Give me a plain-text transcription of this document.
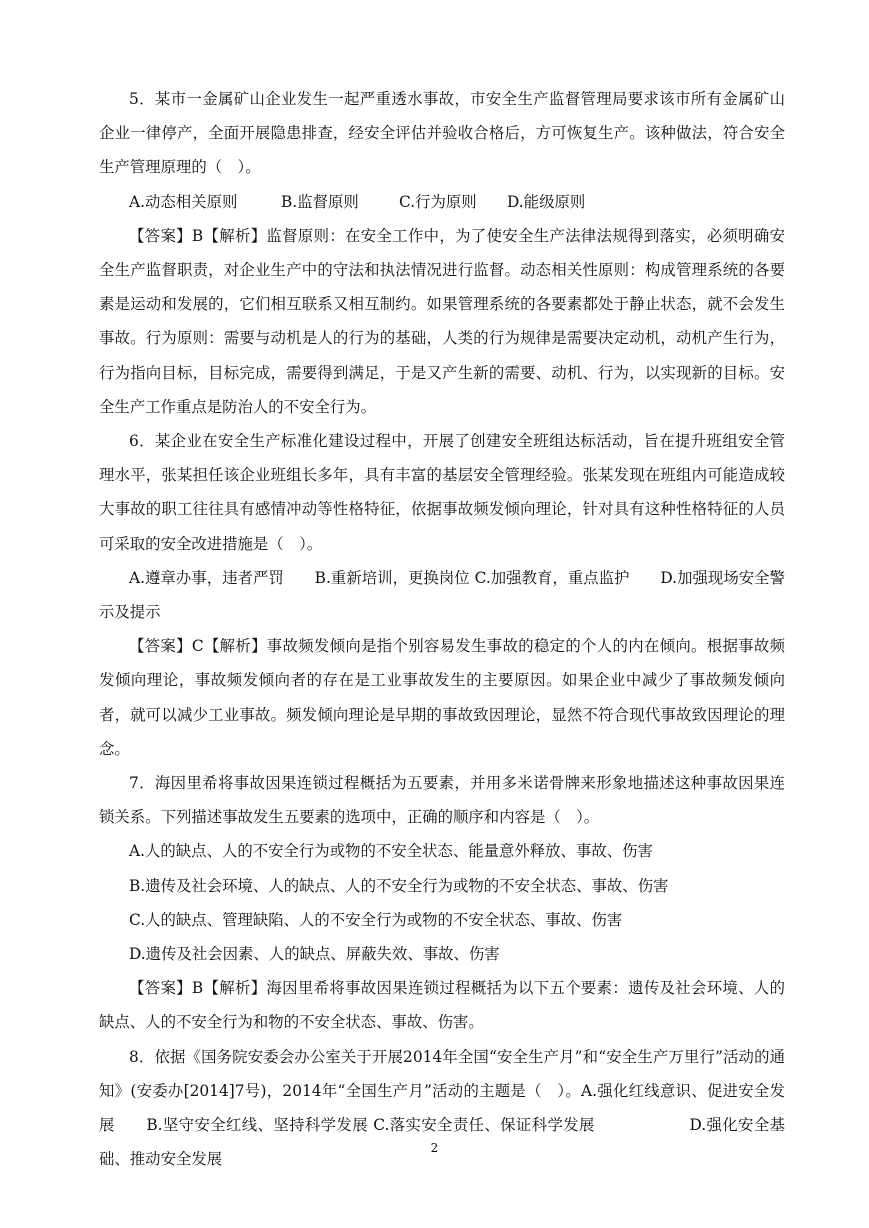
5．某市一金属矿山企业发生一起严重透水事故，市安全生产监督管理局要求该市所有金属矿山企业一律停产，全面开展隐患排查，经安全评估并验收合格后，方可恢复生产。该种做法，符合安全生产管理原理的（　）。

A.动态相关原则	B.监督原则	C.行为原则 D.能级原则

【答案】B【解析】监督原则：在安全工作中，为了使安全生产法律法规得到落实，必须明确安全生产监督职责，对企业生产中的守法和执法情况进行监督。动态相关性原则：构成管理系统的各要素是运动和发展的，它们相互联系又相互制约。如果管理系统的各要素都处于静止状态，就不会发生事故。行为原则：需要与动机是人的行为的基础，人类的行为规律是需要决定动机，动机产生行为，行为指向目标，目标完成，需要得到满足，于是又产生新的需要、动机、行为，以实现新的目标。安全生产工作重点是防治人的不安全行为。

6．某企业在安全生产标准化建设过程中，开展了创建安全班组达标活动，旨在提升班组安全管理水平，张某担任该企业班组长多年，具有丰富的基层安全管理经验。张某发现在班组内可能造成较大事故的职工往往具有感情冲动等性格特征，依据事故频发倾向理论，针对具有这种性格特征的人员可采取的安全改进措施是（　）。

A.遵章办事，违者严罚　　B.重新培训，更换岗位 C.加强教育，重点监护　　D.加强现场安全警示及提示

【答案】C【解析】事故频发倾向是指个别容易发生事故的稳定的个人的内在倾向。根据事故频发倾向理论，事故频发倾向者的存在是工业事故发生的主要原因。如果企业中减少了事故频发倾向者，就可以减少工业事故。频发倾向理论是早期的事故致因理论，显然不符合现代事故致因理论的理念。

7．海因里希将事故因果连锁过程概括为五要素，并用多米诺骨牌来形象地描述这种事故因果连锁关系。下列描述事故发生五要素的选项中，正确的顺序和内容是（　）。

A.人的缺点、人的不安全行为或物的不安全状态、能量意外释放、事故、伤害

B.遗传及社会环境、人的缺点、人的不安全行为或物的不安全状态、事故、伤害

C.人的缺点、管理缺陷、人的不安全行为或物的不安全状态、事故、伤害

D.遗传及社会因素、人的缺点、屏蔽失效、事故、伤害

【答案】B【解析】海因里希将事故因果连锁过程概括为以下五个要素：遗传及社会环境、人的缺点、人的不安全行为和物的不安全状态、事故、伤害。

8．依据《国务院安委会办公室关于开展2014年全国“安全生产月”和“安全生产万里行”活动的通知》(安委办[2014]7号)，2014年“全国生产月”活动的主题是（　）。A.强化红线意识、促进安全发展　　B.坚守安全红线、坚持科学发展 C.落实安全责任、保证科学发展　　　　　　D.强化安全基础、推动安全发展

2
